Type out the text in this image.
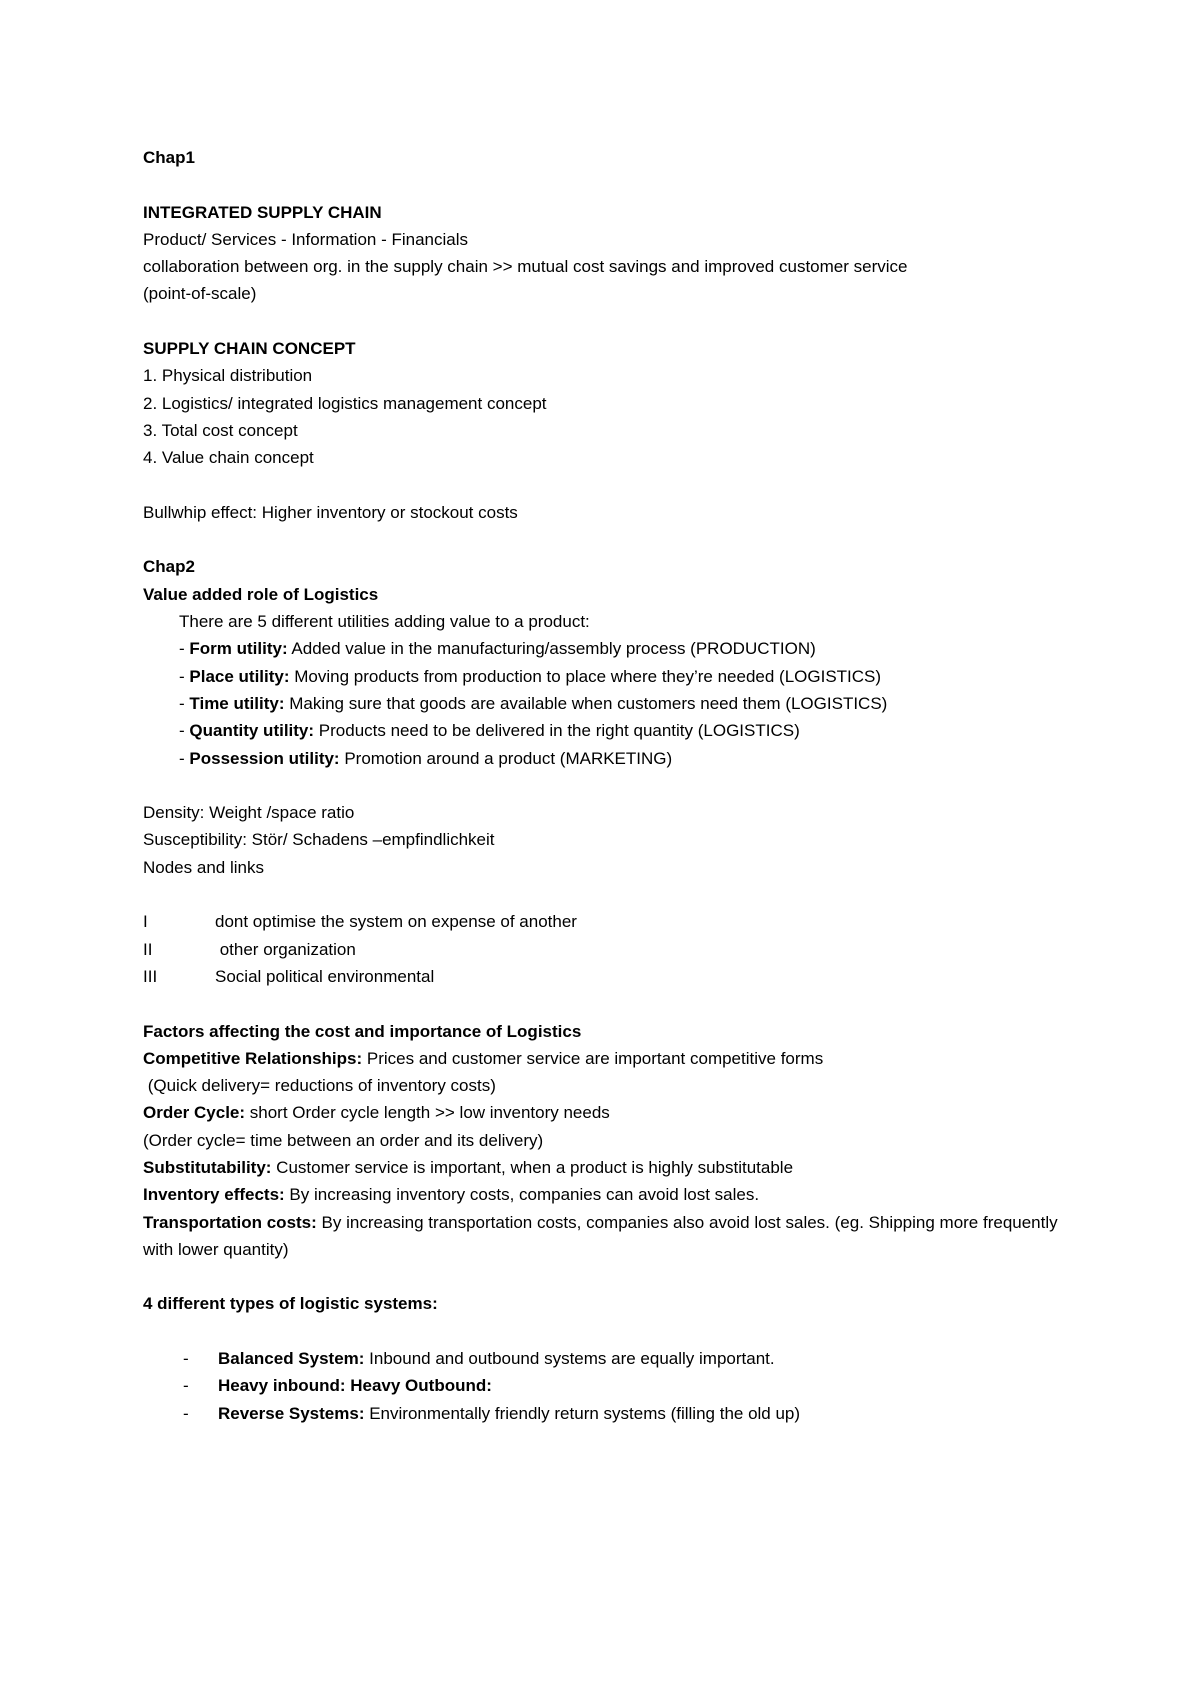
Chap1
INTEGRATED SUPPLY CHAIN
Product/ Services - Information - Financials
collaboration between org. in the supply chain >> mutual cost savings and improved customer service
(point-of-scale)
SUPPLY CHAIN CONCEPT
1. Physical distribution
2. Logistics/ integrated logistics management concept
3. Total cost concept
4. Value chain concept
Bullwhip effect: Higher inventory or stockout costs
Chap2
Value added role of Logistics
There are 5 different utilities adding value to a product:
- Form utility: Added value in the manufacturing/assembly process (PRODUCTION)
- Place utility: Moving products from production to place where they’re needed (LOGISTICS)
- Time utility: Making sure that goods are available when customers need them (LOGISTICS)
- Quantity utility: Products need to be delivered in the right quantity (LOGISTICS)
- Possession utility: Promotion around a product (MARKETING)
Density: Weight /space ratio
Susceptibility: Stör/ Schadens –empfindlichkeit
Nodes and links
I	dont optimise the system on expense of another
II	other organization
III	Social political environmental
Factors affecting the cost and importance of Logistics
Competitive Relationships: Prices and customer service are important competitive forms
(Quick delivery= reductions of inventory costs)
Order Cycle: short Order cycle length >> low inventory needs
(Order cycle= time between an order and its delivery)
Substitutability: Customer service is important, when a product is highly substitutable
Inventory effects: By increasing inventory costs, companies can avoid lost sales.
Transportation costs: By increasing transportation costs, companies also avoid lost sales. (eg. Shipping more frequently with lower quantity)
4 different types of logistic systems:
-	Balanced System: Inbound and outbound systems are equally important.
-	Heavy inbound: Heavy Outbound:
-	Reverse Systems: Environmentally friendly return systems (filling the old up)
